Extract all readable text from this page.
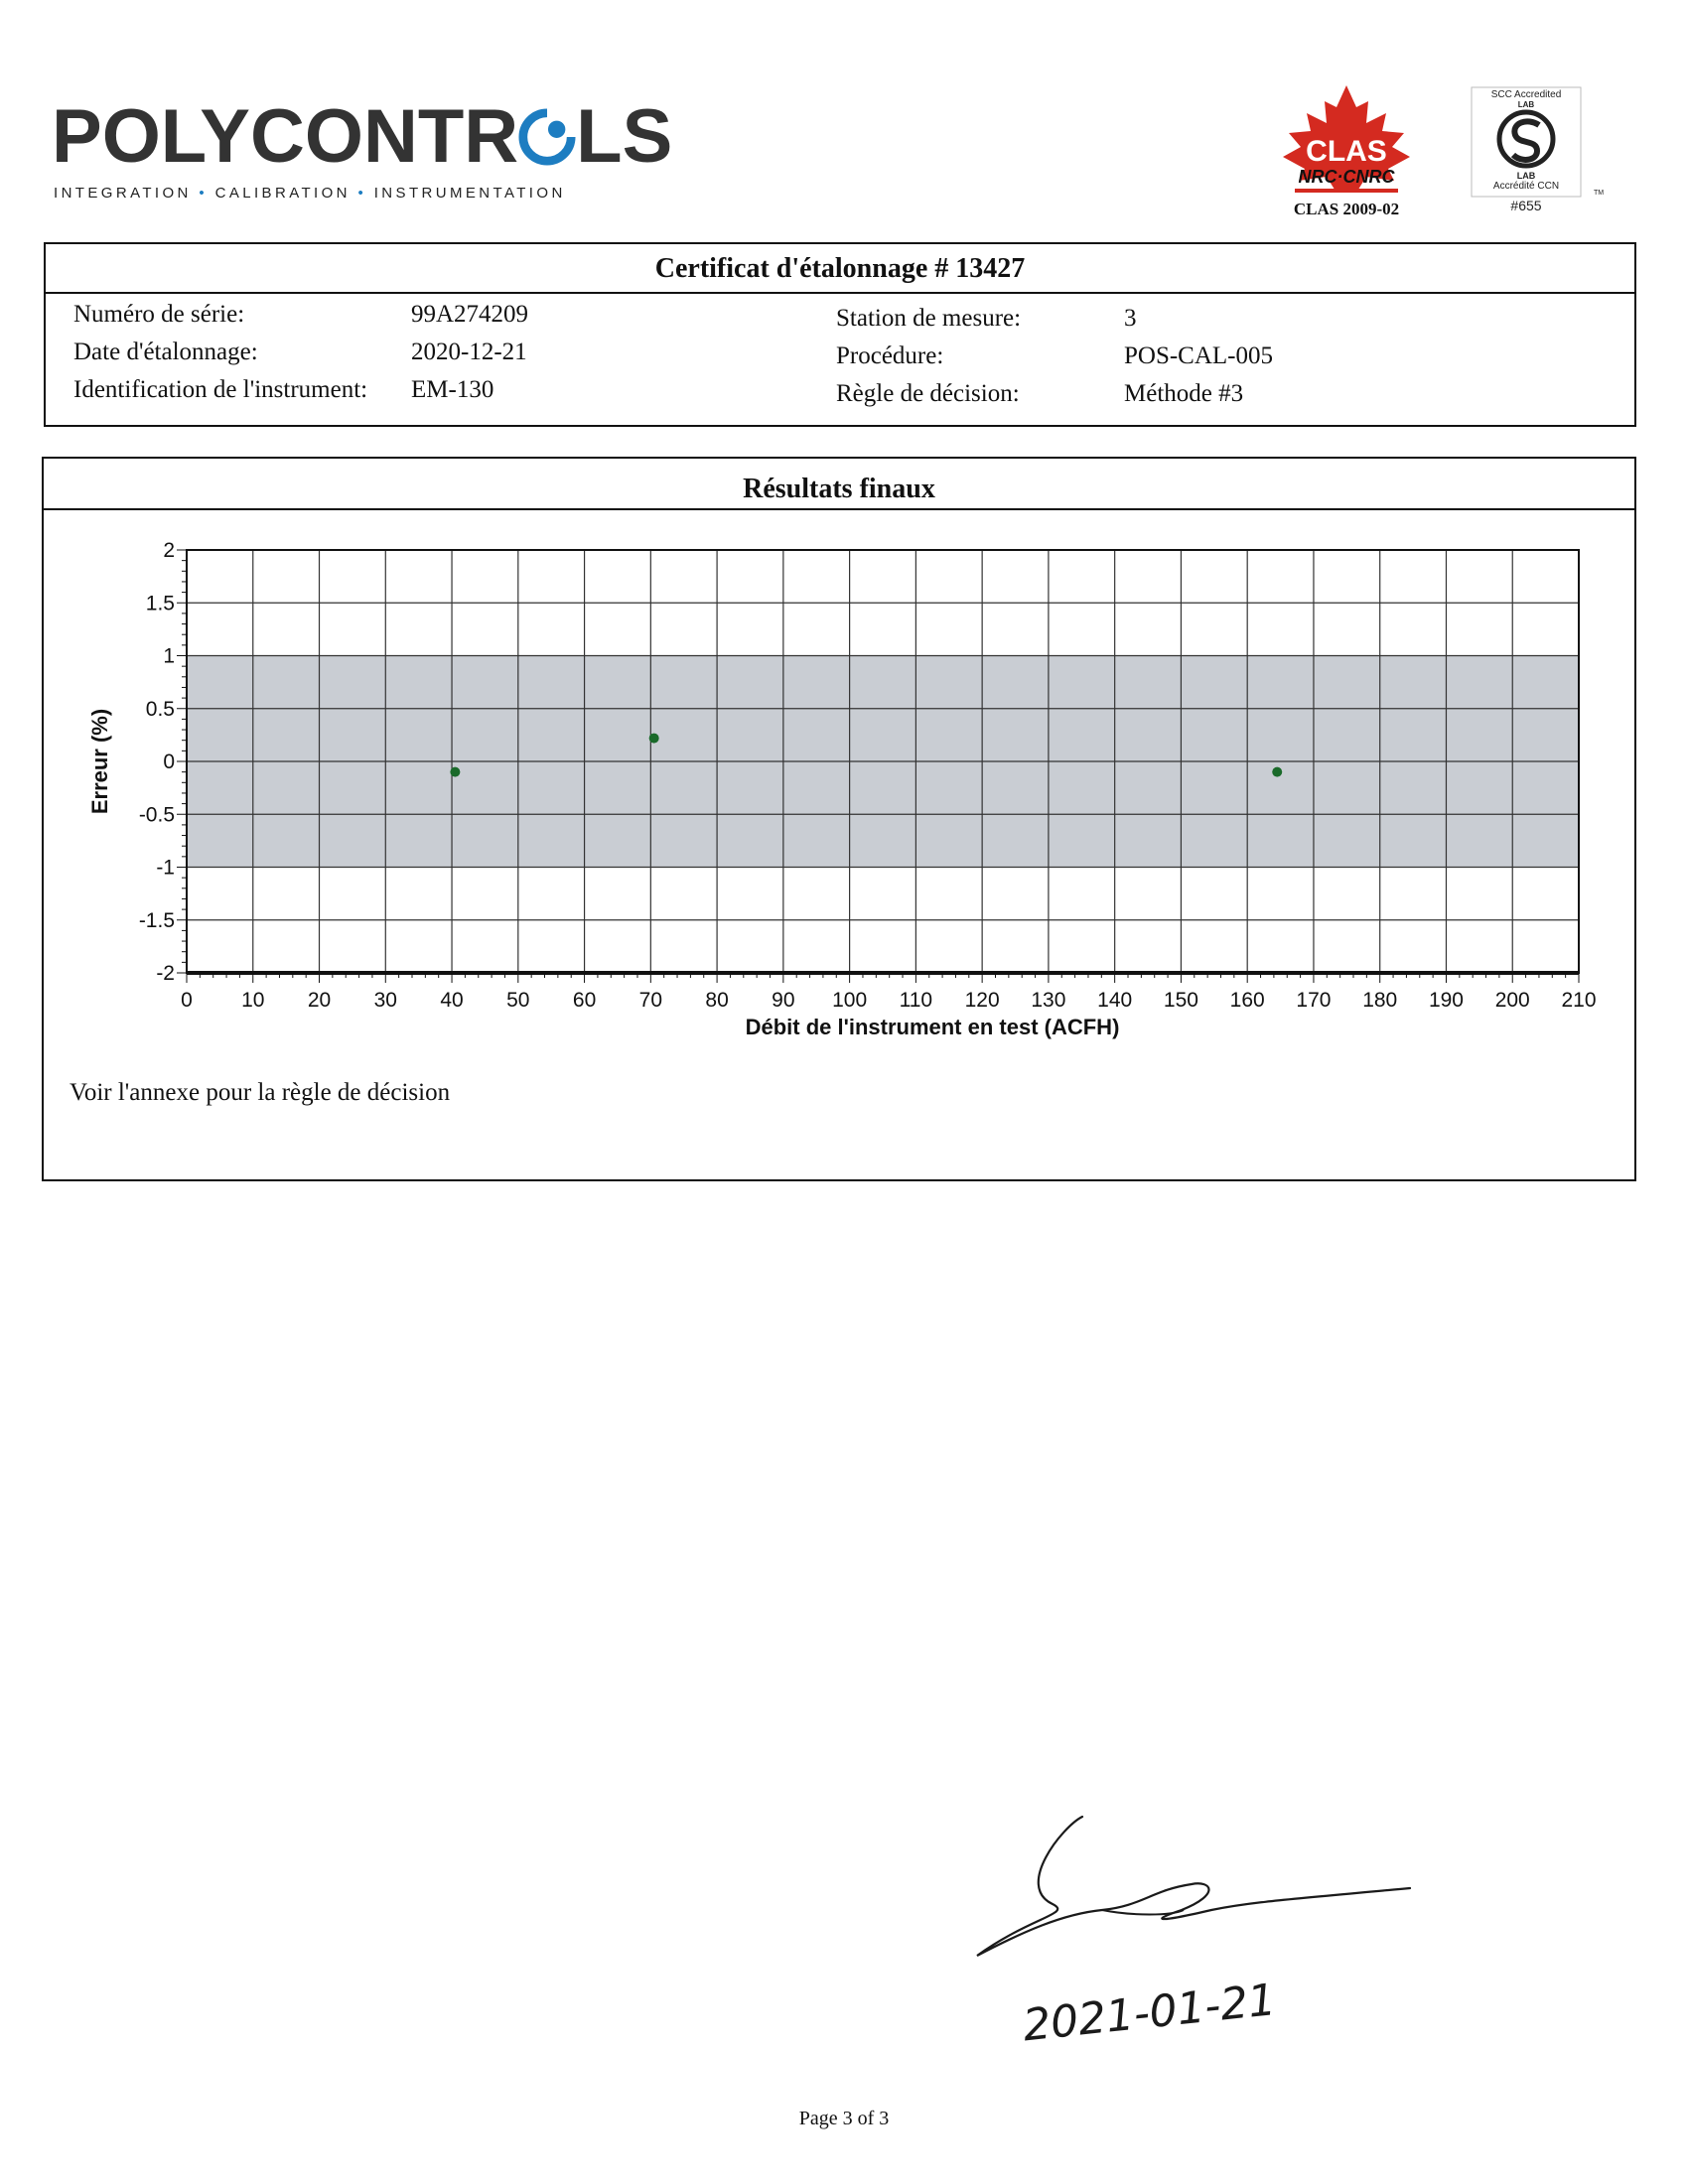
POLYCONTR LS
INTEGRATION • CALIBRATION • INSTRUMENTATION
CLAS
NRC·CNRC
CLAS 2009-02
SCC Accredited
LAB
LAB
Accrédité CCN
TM
#655
Certificat d'étalonnage # 13427
Numéro de série:	99A274209
Date d'étalonnage:	2020-12-21
Identification de l'instrument: EM-130
Station de mesure:	3
Procédure:	POS-CAL-005
Règle de décision:	Méthode #3
Résultats finaux
0 10 20 30 40 50 60 70 80 90 100 110 120 130 140 150 160 170 180 190 200 210
2
1.5
1
0.5
0
-0.5
-1
-1.5
-2
Débit de l'instrument en test (ACFH)
Erreur (%)
Voir l'annexe pour la règle de décision
2021-01-21
Page 3 of 3
